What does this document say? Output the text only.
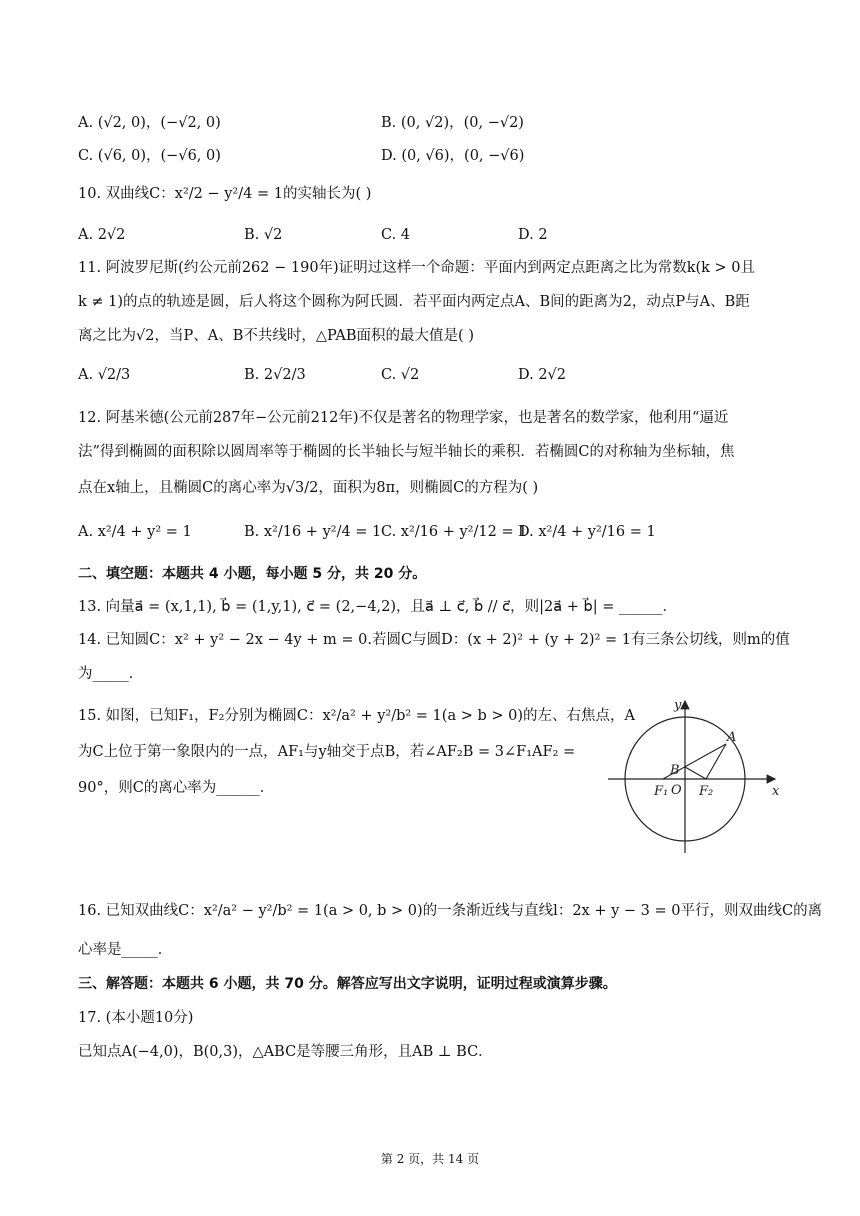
A. (√2, 0)，(−√2, 0)	B. (0, √2)，(0, −√2)
C. (√6, 0)，(−√6, 0)	D. (0, √6)，(0, −√6)
10. 双曲线C：x²/2 − y²/4 = 1的实轴长为( )
A. 2√2	B. √2	C. 4	D. 2
11. 阿波罗尼斯(约公元前262 − 190年)证明过这样一个命题：平面内到两定点距离之比为常数k(k > 0且
k ≠ 1)的点的轨迹是圆，后人将这个圆称为阿氏圆．若平面内两定点A、B间的距离为2，动点P与A、B距
离之比为√2，当P、A、B不共线时，△PAB面积的最大值是( )
A. √2/3	B. 2√2/3	C. √2	D. 2√2
12. 阿基米德(公元前287年−公元前212年)不仅是著名的物理学家，也是著名的数学家，他利用“逼近
法”得到椭圆的面积除以圆周率等于椭圆的长半轴长与短半轴长的乘积．若椭圆C的对称轴为坐标轴，焦
点在x轴上，且椭圆C的离心率为√3/2，面积为8π，则椭圆C的方程为( )
A. x²/4 + y² = 1	B. x²/16 + y²/4 = 1 C. x²/16 + y²/12 = 1
D. x²/4 + y²/16 = 1
二、填空题：本题共 4 小题，每小题 5 分，共 20 分。
13. 向量a⃗ = (x,1,1), b⃗ = (1,y,1), c⃗ = (2,−4,2)，且a⃗ ⊥ c⃗, b⃗ // c⃗，则|2a⃗ + b⃗| = ______．
14. 已知圆C：x² + y² − 2x − 4y + m = 0.若圆C与圆D：(x + 2)² + (y + 2)² = 1有三条公切线，则m的值
为_____．
15. 如图，已知F₁，F₂分别为椭圆C：x²/a² + y²/b² = 1(a > b > 0)的左、右焦点，A
为C上位于第一象限内的一点，AF₁与y轴交于点B，若∠AF₂B = 3∠F₁AF₂ =
90°，则C的离心率为______．
y
x
A
B
O
F₁ F₂
16. 已知双曲线C：x²/a² − y²/b² = 1(a > 0, b > 0)的一条渐近线与直线l：2x + y − 3 = 0平行，则双曲线C的离
心率是_____．
三、解答题：本题共 6 小题，共 70 分。解答应写出文字说明，证明过程或演算步骤。
17. (本小题10分)
已知点A(−4,0)，B(0,3)，△ABC是等腰三角形，且AB ⊥ BC．
第 2 页，共 14 页
